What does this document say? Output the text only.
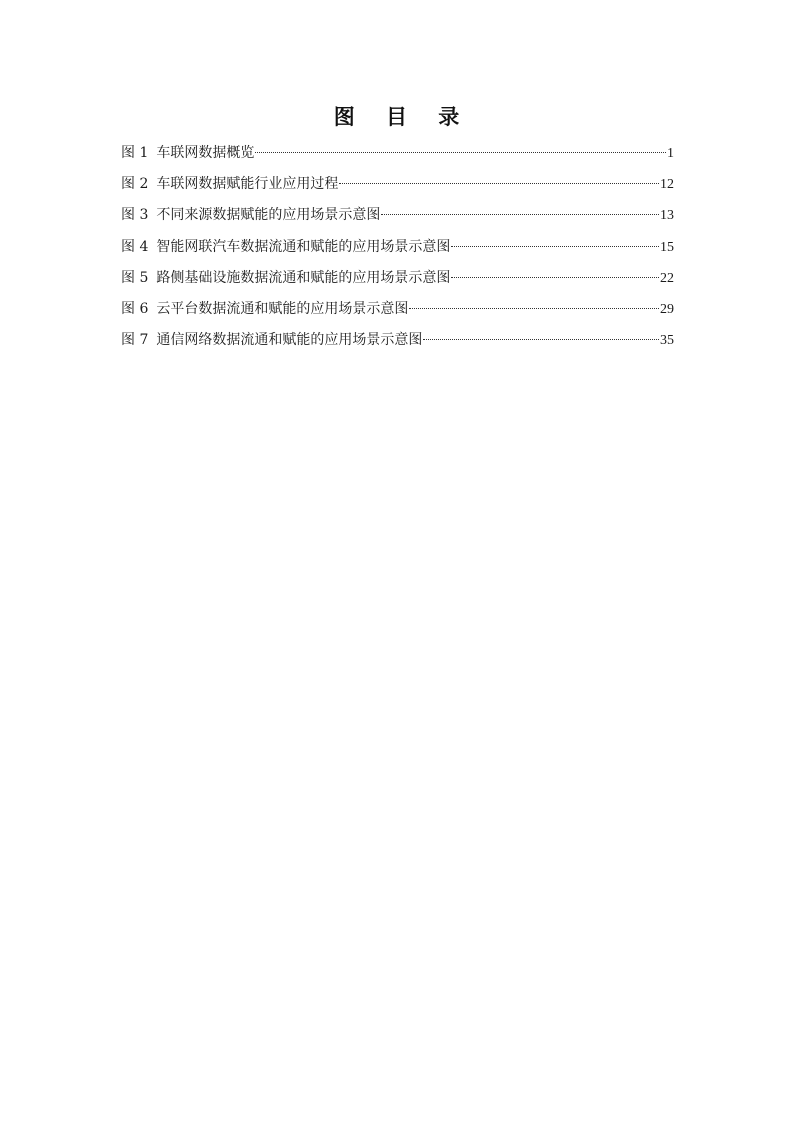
图 目 录
图 1 车联网数据概览	1
图 2 车联网数据赋能行业应用过程	12
图 3 不同来源数据赋能的应用场景示意图	13
图 4 智能网联汽车数据流通和赋能的应用场景示意图	15
图 5 路侧基础设施数据流通和赋能的应用场景示意图	22
图 6 云平台数据流通和赋能的应用场景示意图	29
图 7 通信网络数据流通和赋能的应用场景示意图	35
